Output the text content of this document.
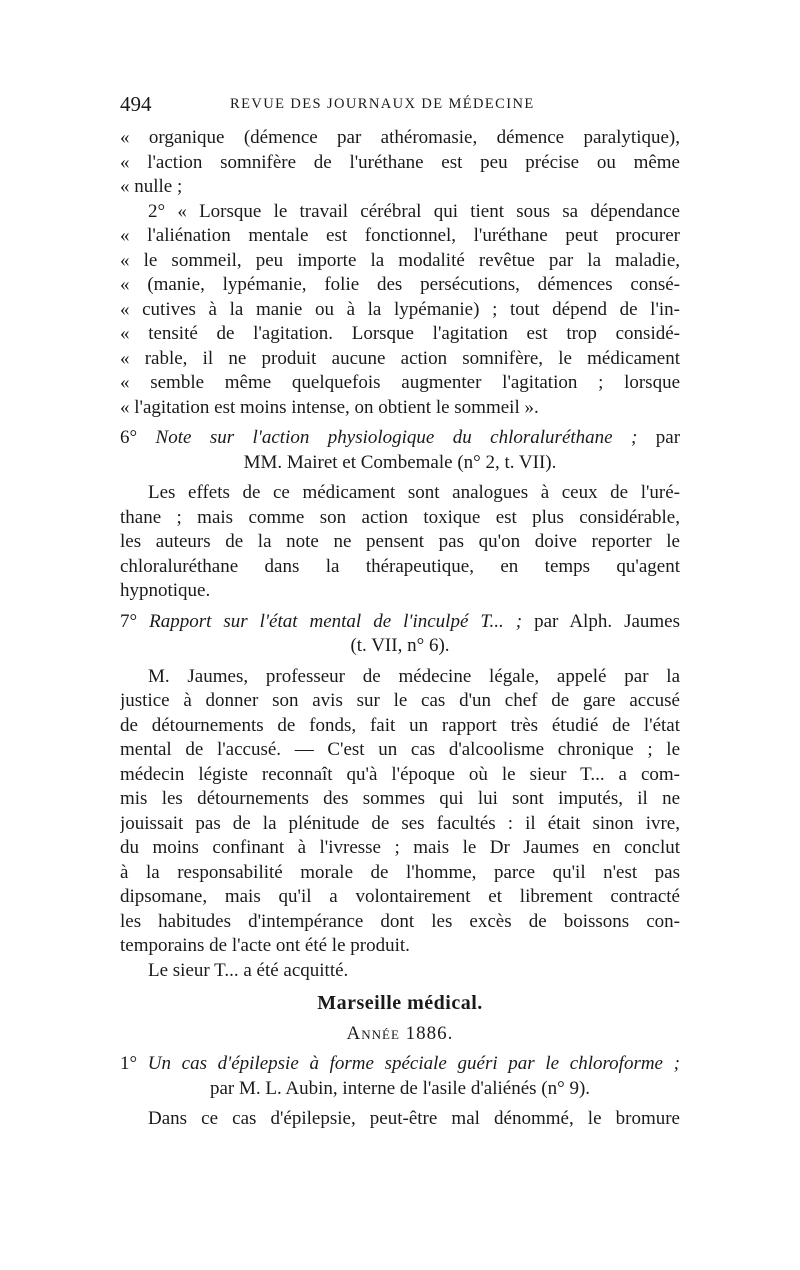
494	REVUE DES JOURNAUX DE MÉDECINE
« organique (démence par athéromasie, démence paralytique),
« l'action somnifère de l'uréthane est peu précise ou même
« nulle ;
2° « Lorsque le travail cérébral qui tient sous sa dépendance
« l'aliénation mentale est fonctionnel, l'uréthane peut procurer
« le sommeil, peu importe la modalité revêtue par la maladie,
« (manie, lypémanie, folie des persécutions, démences consé-
« cutives à la manie ou à la lypémanie) ; tout dépend de l'in-
« tensité de l'agitation. Lorsque l'agitation est trop considé-
« rable, il ne produit aucune action somnifère, le médicament
« semble même quelquefois augmenter l'agitation ; lorsque
« l'agitation est moins intense, on obtient le sommeil ».
6° Note sur l'action physiologique du chloraluréthane ; par
MM. Mairet et Combemale (n° 2, t. VII).
Les effets de ce médicament sont analogues à ceux de l'uré-
thane ; mais comme son action toxique est plus considérable,
les auteurs de la note ne pensent pas qu'on doive reporter le
chloraluréthane dans la thérapeutique, en temps qu'agent
hypnotique.
7° Rapport sur l'état mental de l'inculpé T... ; par Alph. Jaumes
(t. VII, n° 6).
M. Jaumes, professeur de médecine légale, appelé par la
justice à donner son avis sur le cas d'un chef de gare accusé
de détournements de fonds, fait un rapport très étudié de l'état
mental de l'accusé. — C'est un cas d'alcoolisme chronique ; le
médecin légiste reconnaît qu'à l'époque où le sieur T... a com-
mis les détournements des sommes qui lui sont imputés, il ne
jouissait pas de la plénitude de ses facultés : il était sinon ivre,
du moins confinant à l'ivresse ; mais le Dr Jaumes en conclut
à la responsabilité morale de l'homme, parce qu'il n'est pas
dipsomane, mais qu'il a volontairement et librement contracté
les habitudes d'intempérance dont les excès de boissons con-
temporains de l'acte ont été le produit.
Le sieur T... a été acquitté.
Marseille médical.
Année 1886.
1° Un cas d'épilepsie à forme spéciale guéri par le chloroforme ;
par M. L. Aubin, interne de l'asile d'aliénés (n° 9).
Dans ce cas d'épilepsie, peut-être mal dénommé, le bromure
